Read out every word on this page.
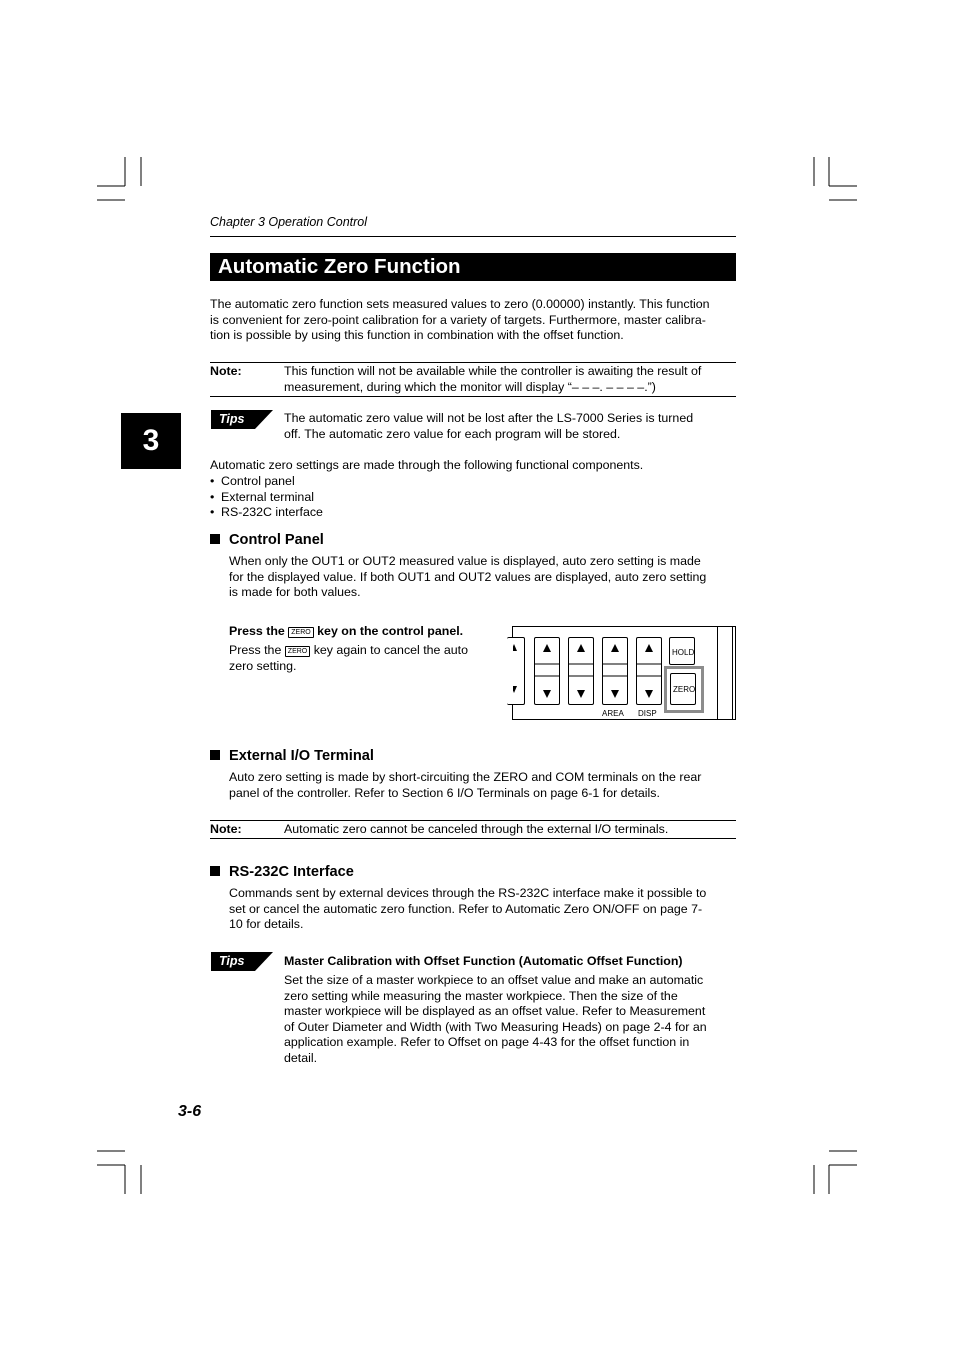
Chapter 3 Operation Control
Automatic Zero Function
3
The automatic zero function sets measured values to zero (0.00000) instantly. This function
is convenient for zero-point calibration for a variety of targets. Furthermore, master calibra-
tion is possible by using this function in combination with the offset function.
Note:	This function will not be available while the controller is awaiting the result of
measurement, during which the monitor will display “– – –. – – – –.”)
Tips	The automatic zero value will not be lost after the LS-7000 Series is turned
off. The automatic zero value for each program will be stored.
Automatic zero settings are made through the following functional components.
• Control panel
• External terminal
• RS-232C interface
Control Panel
When only the OUT1 or OUT2 measured value is displayed, auto zero setting is made
for the displayed value. If both OUT1 and OUT2 values are displayed, auto zero setting
is made for both values.
Press the ZERO key on the control panel.
Press the ZERO key again to cancel the auto
zero setting.
HOLD
ZERO
AREA DISP
External I/O Terminal
Auto zero setting is made by short-circuiting the ZERO and COM terminals on the rear
panel of the controller. Refer to Section 6 I/O Terminals on page 6-1 for details.
Note:	Automatic zero cannot be canceled through the external I/O terminals.
RS-232C Interface
Commands sent by external devices through the RS-232C interface make it possible to
set or cancel the automatic zero function. Refer to Automatic Zero ON/OFF on page 7-
10 for details.
Tips	Master Calibration with Offset Function (Automatic Offset Function)
Set the size of a master workpiece to an offset value and make an automatic
zero setting while measuring the master workpiece. Then the size of the
master workpiece will be displayed as an offset value. Refer to Measurement
of Outer Diameter and Width (with Two Measuring Heads) on page 2-4 for an
application example. Refer to Offset on page 4-43 for the offset function in
detail.
3-6
